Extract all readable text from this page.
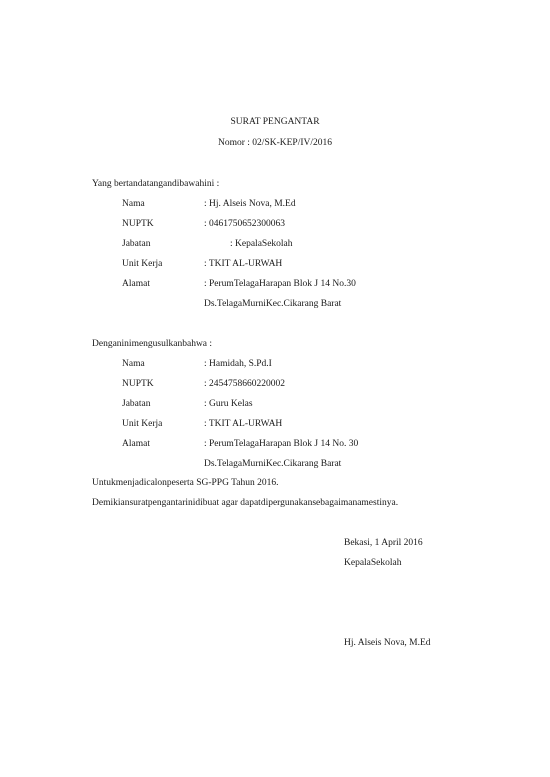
SURAT PENGANTAR
Nomor : 02/SK-KEP/IV/2016
Yang bertandatangandibawahini :
Nama	: Hj. Alseis Nova, M.Ed
NUPTK	: 0461750652300063
Jabatan	: KepalaSekolah
Unit Kerja	: TKIT AL-URWAH
Alamat	: PerumTelagaHarapan Blok J 14 No.30
Ds.TelagaMurniKec.Cikarang Barat
Denganinimengusulkanbahwa :
Nama	: Hamidah, S.Pd.I
NUPTK	: 2454758660220002
Jabatan	: Guru Kelas
Unit Kerja	: TKIT AL-URWAH
Alamat	: PerumTelagaHarapan Blok J 14 No. 30
Ds.TelagaMurniKec.Cikarang Barat
Untukmenjadicalonpeserta SG-PPG Tahun 2016.
Demikiansuratpengantarinidibuat agar dapatdipergunakansebagaimanamestinya.
Bekasi, 1 April 2016
KepalaSekolah
Hj. Alseis Nova, M.Ed
